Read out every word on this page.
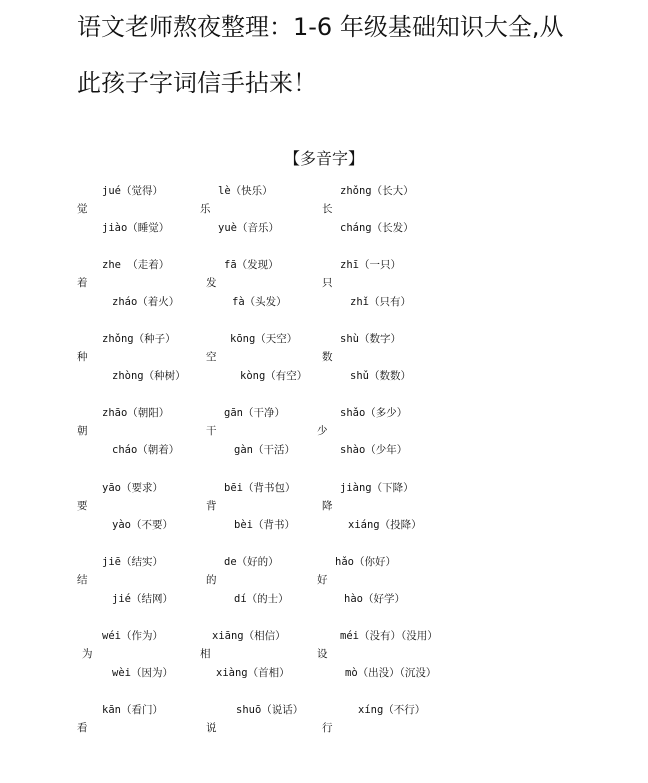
语文老师熬夜整理：1-6 年级基础知识大全,从
此孩子字词信手拈来！
【多音字】
jué（觉得）
觉
jiào（睡觉）
lè（快乐）
乐
yuè（音乐）
zhǒng（长大）
长
cháng（长发）
zhe （走着）
着
zháo（着火）
fā（发现）
发
fà（头发）
zhī（一只）
只
zhǐ（只有）
zhǒng（种子）
种
zhòng（种树）
kōng（天空）
空
kòng（有空）
shù（数字）
数
shǔ（数数）
zhāo（朝阳）
朝
cháo（朝着）
gān（干净）
干
gàn（干活）
shǎo（多少）
少
shào（少年）
yāo（要求）
要
yào（不要）
bēi（背书包）
背
bèi（背书）
jiàng（下降）
降
xiáng（投降）
jiē（结实）
结
jié（结网）
de（好的）
的
dí（的士）
hǎo（你好）
好
hào（好学）
wéi（作为）
为
wèi（因为）
xiāng（相信）
相
xiàng（首相）
méi（没有）（没用）
设
mò（出没）（沉没）
kān（看门）
看
shuō（说话）
说
xíng（不行）
行
